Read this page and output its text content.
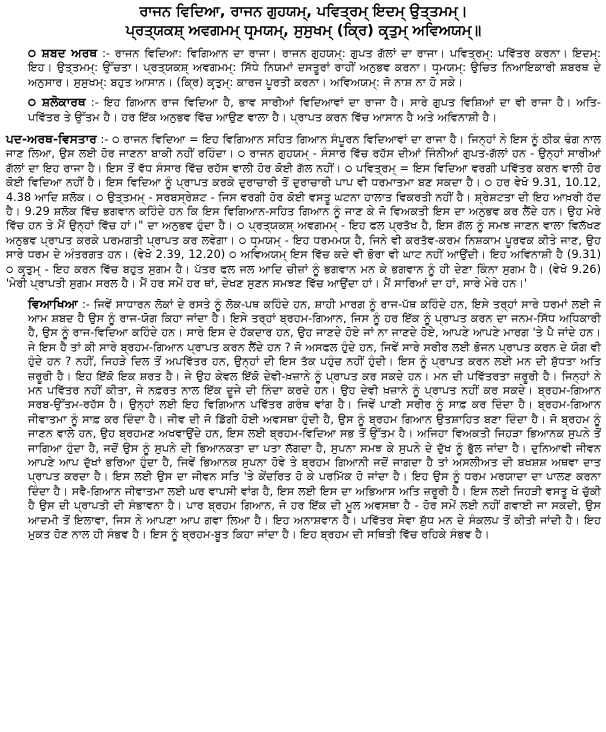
ਰਾਜਨ ਵਿਦਿਆ, ਰਾਜਨ ਗੁਹਯਮ੍, ਪਵਿਤ੍ਰਮ੍ ਇਦਮ੍ ਉਤ੍ਤਮਮ੍।

ਪ੍ਰਤ੍ਯਕਸ਼੍ ਅਵਗਮਮ੍ ਧਰ੍ਮਯਮ੍, ਸੁਸੁਖਮ੍ (ਕ੍ਰਿ) ਕਰ੍ਤੁਮ੍ ਅਵਿਅਯਮ੍॥

੦ ਸ਼ਬਦ ਅਰਥ :- ਰਾਜਨ ਵਿਦਿਆ: ਵਿਗਿਆਨ ਦਾ ਰਾਜਾ। ਰਾਜਨ ਗੁਹਯਮ੍: ਗੁਪਤ ਗੱਲਾਂ ਦਾ ਰਾਜਾ। ਪਵਿਤ੍ਰਮ੍: ਪਵਿੱਤਰ ਕਰਨਾ। ਇਦਮ੍: ਇਹ। ਉਤ੍ਤਮਮ੍: ਉੱਚਤਾ। ਪ੍ਰਤ੍ਯਕਸ਼੍ ਅਵਗਮਮ੍: ਸਿੱਧੇ ਨਿਯਮਾਂ ਦਸਤੂਰਾਂ ਰਾਹੀਂ ਅਨੁਭਵ ਕਰਨਾ। ਧਰ੍ਮਯਮ੍: ਉਚਿਤ ਨਿਆਇਕਾਰੀ ਸ਼ਬਰਥ ਦੇ ਅਨੁਸਾਰ। ਸੁਸੁਖਮ੍: ਬਹੁਤ ਆਸਾਨ। (ਕ੍ਰਿ) ਕਰ੍ਤੁਮ੍: ਕਾਰਜ ਪੂਰਤੀ ਕਰਨਾ। ਅਵਿਅਯਮ੍: ਜੋ ਨਾਸ਼ ਨਾ ਹੋ ਸਕੇ।

੦ ਸ਼ਲੋਕਾਰਥ :- ਇਹ ਗਿਆਨ ਰਾਜ ਵਿਦਿਆ ਹੈ, ਭਾਵ ਸਾਰੀਆਂ ਵਿਦਿਆਵਾਂ ਦਾ ਰਾਜਾ ਹੈ। ਸਾਰੇ ਗੁਪਤ ਵਿਸ਼ਿਆਂ ਦਾ ਵੀ ਰਾਜਾ ਹੈ। ਅਤਿ-ਪਵਿੱਤਰ ਤੇ ਉੱਤਮ ਹੈ। ਹਰ ਇੱਕ ਅਨੁਭਵ ਵਿੱਚ ਆਉਣ ਵਾਲਾ ਹੈ। ਪ੍ਰਾਪਤ ਕਰਨ ਵਿੱਚ ਆਸਾਨ ਹੈ ਅਤੇ ਅਵਿਨਾਸ਼ੀ ਹੈ।

ਪਦ-ਅਰਥ-ਵਿਸਤਾਰ :- ੦ ਰਾਜਨ ਵਿਦਿਆ = ਇਹ ਵਿਗਿਆਨ ਸਹਿਤ ਗਿਆਨ ਸੰਪੂਰਨ ਵਿਦਿਆਵਾਂ ਦਾ ਰਾਜਾ ਹੈ। ਜਿਨ੍ਹਾਂ ਨੇ ਇਸ ਨੂੰ ਠੀਕ ਢੰਗ ਨਾਲ ਜਾਣ ਲਿਆ, ਉਸ ਲਈ ਹੋਰ ਜਾਣਨਾ ਬਾਕੀ ਨਹੀਂ ਰਹਿੰਦਾ। ੦ ਰਾਜਨ ਗੁਹਯਮ੍ - ਸੰਸਾਰ ਵਿੱਚ ਰਹੱਸ ਦੀਆਂ ਜਿੰਨੀਆਂ ਗੁਪਤ-ਗੱਲਾਂ ਹਨ - ਉਨ੍ਹਾਂ ਸਾਰੀਆਂ ਗੱਲਾਂ ਦਾ ਇਹ ਰਾਜਾ ਹੈ। ਇਸ ਤੋਂ ਵੱਧ ਸੰਸਾਰ ਵਿੱਚ ਰਹੱਸ ਵਾਲੀ ਹੋਰ ਕੋਈ ਗੱਲ ਨਹੀਂ। ੦ ਪਵਿਤ੍ਰਮ੍ = ਇਸ ਵਿਦਿਆ ਵਰਗੀ ਪਵਿੱਤਰ ਕਰਨ ਵਾਲੀ ਹੋਰ ਕੋਈ ਵਿਦਿਆ ਨਹੀਂ ਹੈ। ਇਸ ਵਿਦਿਆ ਨੂੰ ਪ੍ਰਾਪਤ ਕਰਕੇ ਦੁਰਾਚਾਰੀ ਤੋਂ ਦੁਰਾਚਾਰੀ ਪਾਪ ਵੀ ਧਰਮਾਤਮਾ ਬਣ ਸਕਦਾ ਹੈ। ੦ ਹਰ ਵੇਖੋ 9.31, 10.12, 4.38 ਆਦਿ ਸ਼ਲੋਕ। ੦ ਉਤ੍ਤਮਮ੍ - ਸਰਬਸ੍ਰੇਸ਼ਟ - ਜਿਸ ਵਰਗੀ ਹੋਰ ਕੋਈ ਵਸਤੂ ਘਟਨਾ ਹਾਲਾਤ ਵਿਕਰਤੀ ਨਹੀਂ ਹੈ। ਸ਼੍ਰੇਸ਼ਟਤਾ ਦੀ ਇਹ ਆਖ਼ਰੀ ਹੱਦ ਹੈ। 9.29 ਸ਼ਲੋਕ ਵਿੱਚ ਭਗਵਾਨ ਕਹਿੰਦੇ ਹਨ ਕਿ ਇਸ ਵਿਗਿਆਨ-ਸਹਿਤ ਗਿਆਨ ਨੂੰ ਜਾਣ ਕੇ ਜੋ ਵਿਅਕਤੀ ਇਸ ਦਾ ਅਨੁਭਵ ਕਰ ਲੈਂਦੇ ਹਨ। ਉਹ ਮੇਰੇ ਵਿੱਚ ਹਨ ਤੇ ਮੈਂ ਉਨ੍ਹਾਂ ਵਿੱਚ ਹਾਂ।" ਦਾ ਅਨੁਭਵ ਹੁੰਦਾ ਹੈ। ੦ ਪ੍ਰਤ੍ਯਕਸ਼੍ ਅਵਗਮਮ੍ - ਇਹ ਫਲ ਪ੍ਰਤੱਖ ਹੈ, ਇਸ ਗੱਲ ਨੂੰ ਸਮਝ ਜਾਣਨ ਵਾਲਾ ਵਿਲੱਖਣ ਅਨੁਭਵ ਪ੍ਰਾਪਤ ਕਰਕੇ ਪਰਮਗਤੀ ਪ੍ਰਾਪਤ ਕਰ ਲਵੇਗਾ। ੦ ਧਰ੍ਮਯਮ੍ - ਇਹ ਧਰਮਮਯ ਹੈ, ਜਿਨੇ ਵੀ ਕਰਤੱਵ-ਕਰਮ ਨਿਸ਼ਕਾਮ ਪੂਰਵਕ ਕੀਤੇ ਜਾਣ, ਉਹ ਸਾਰੇ ਧਰਮ ਦੇ ਅੰਤਰਗਤ ਹਨ। (ਵੇਖੋ 2.39, 12.20) ੦ ਅਵਿਅਯਮ੍ ਇਸ ਵਿੱਚ ਕਦੇ ਵੀ ਭੋਰਾ ਵੀ ਘਾਟ ਨਹੀਂ ਆਉਂਦੀ। ਇਹ ਅਵਿਨਾਸ਼ੀ ਹੈ (9.31) ੦ ਕਰ੍ਤੁਮ੍ - ਇਹ ਕਰਨ ਵਿੱਚ ਬਹੁਤ ਸੁਗਮ ਹੈ। ਪੱਤਰ ਫਲ ਜਲ ਆਦਿ ਚੀਜ਼ਾਂ ਨੂੰ ਭਗਵਾਨ ਮਨ ਕੇ ਭਗਵਾਨ ਨੂੰ ਹੀ ਦੇਣਾ ਕਿੰਨਾ ਸੁਗਮ ਹੈ। (ਵੇਖੋ 9.26) 'ਮੇਰੀ ਪ੍ਰਾਪਤੀ ਸੁਗਮ ਸਰਲ ਹੈ। ਮੈਂ ਹਰ ਸਮੇਂ ਹਰ ਥਾਂ, ਦੇਖਣ ਸੁਣਨ ਸਮਝਣ ਵਿੱਚ ਆਉਂਦਾ ਹਾਂ। ਮੈਂ ਸਾਰਿਆਂ ਦਾ ਹਾਂ, ਸਾਰੇ ਮੇਰੇ ਹਨ।'

ਵਿਆਖਿਆ :- ਜਿਵੇਂ ਸਾਧਾਰਨ ਲੋਕਾਂ ਦੇ ਰਸਤੇ ਨੂੰ ਲੋਕ-ਪਥ ਕਹਿੰਦੇ ਹਨ, ਸ਼ਾਹੀ ਮਾਰਗ ਨੂੰ ਰਾਜ-ਪੱਥ ਕਹਿੰਦੇ ਹਨ, ਇਸੇ ਤਰ੍ਹਾਂ ਸਾਰੇ ਧਰਮਾਂ ਲਈ ਜੋ ਆਮ ਸ਼ਬਦ ਹੈ ਉਸ ਨੂੰ ਰਾਜ-ਯੋਗ ਕਿਹਾ ਜਾਂਦਾ ਹੈ। ਇਸੇ ਤਰ੍ਹਾਂ ਬ੍ਰਹਮ-ਗਿਆਨ, ਜਿਸ ਨੂੰ ਹਰ ਇੱਕ ਨੂੰ ਪ੍ਰਾਪਤ ਕਰਨ ਦਾ ਜਨਮ-ਸਿੱਧ ਅਧਿਕਾਰੀ ਹੈ, ਉਸ ਨੂੰ ਰਾਜ-ਵਿਦਿਆ ਕਹਿੰਦੇ ਹਨ। ਸਾਰੇ ਇਸ ਦੇ ਹੱਕਦਾਰ ਹਨ, ਉਹ ਜਾਣਦੇ ਹੋਏ ਜਾਂ ਨਾ ਜਾਣਦੇ ਹੋਏ, ਆਪਣੇ ਆਪਣੇ ਮਾਰਗ 'ਤੇ ਪੈ ਜਾਂਦੇ ਹਨ। ਜੇ ਇਸ ਹੈ ਤਾਂ ਕੀ ਸਾਰੇ ਬ੍ਰਹਮ-ਗਿਆਨ ਪ੍ਰਾਪਤ ਕਰਨ ਲੈਂਦੇ ਹਨ ? ਜੋ ਅਸਫਲ ਹੁੰਦੇ ਹਨ, ਜਿਵੇਂ ਸਾਰੇ ਸਰੀਰ ਲਈ ਭੋਜਨ ਪ੍ਰਾਪਤ ਕਰਨ ਦੇ ਯੋਗ ਵੀ ਹੁੰਦੇ ਹਨ ? ਨਹੀਂ, ਜਿਹੜੇ ਦਿਲ ਤੋਂ ਅਪਵਿੱਤਰ ਹਨ, ਉਨ੍ਹਾਂ ਦੀ ਇਸ ਤੱਕ ਪਹੁੰਚ ਨਹੀਂ ਹੁੰਦੀ। ਇਸ ਨੂੰ ਪ੍ਰਾਪਤ ਕਰਨ ਲਈ ਮਨ ਦੀ ਸ਼ੁੱਧਤਾ ਅਤਿ ਜ਼ਰੂਰੀ ਹੈ। ਇਹ ਇੱਕੋ ਇਕ ਸ਼ਰਤ ਹੈ। ਜੇ ਉਹ ਕੇਵਲ ਇੱਕੋ ਦੇਵੀ-ਖ਼ਜ਼ਾਨੇ ਨੂੰ ਪ੍ਰਾਪਤ ਕਰ ਸਕਦੇ ਹਨ। ਮਨ ਦੀ ਪਵਿੱਤਰਤਾ ਜ਼ਰੂਰੀ ਹੈ। ਜਿਨ੍ਹਾਂ ਨੇ ਮਨ ਪਵਿੱਤਰ ਨਹੀਂ ਕੀਤਾ, ਜੇ ਨਫ਼ਰਤ ਨਾਲ ਇੱਕ ਦੂਜੇ ਦੀ ਨਿੰਦਾ ਕਰਦੇ ਹਨ। ਉਹ ਦੇਵੀ ਖ਼ਜ਼ਾਨੇ ਨੂੰ ਪ੍ਰਾਪਤ ਨਹੀਂ ਕਰ ਸਕਦੇ। ਬ੍ਰਹਮ-ਗਿਆਨ ਸਰਬ-ਉੱਤਮ-ਰਹੱਸ ਹੈ। ਉਨ੍ਹਾਂ ਲਈ ਇਹ ਵਿਗਿਆਨ ਪਵਿੱਤਰ ਗਰੰਥ ਵਾਂਗ ਹੈ। ਜਿਵੇਂ ਪਾਣੀ ਸਰੀਰ ਨੂੰ ਸਾਫ਼ ਕਰ ਦਿੰਦਾ ਹੈ। ਬ੍ਰਹਮ-ਗਿਆਨ ਜੀਵਾਤਮਾ ਨੂੰ ਸਾਫ਼ ਕਰ ਦਿੰਦਾ ਹੈ। ਜੀਵ ਦੀ ਜੋ ਡਿੱਗੀ ਹੋਈ ਅਵਸਥਾ ਹੁੰਦੀ ਹੈ, ਉਸ ਨੂੰ ਬ੍ਰਹਮ ਗਿਆਨ ਉਤਸ਼ਾਹਿਤ ਬਣਾ ਦਿੰਦਾ ਹੈ। ਜੋ ਬ੍ਰਹਮ ਨੂੰ ਜਾਣਨ ਵਾਲੇ ਹਨ, ਉਹ ਬ੍ਰਹਮਣ ਅਖਵਾਉਂਦੇ ਹਨ, ਇਸ ਲਈ ਬ੍ਰਹਮ-ਵਿਦਿਆ ਸਭ ਤੋਂ ਉੱਤਮ ਹੈ। ਅਜਿਹਾ ਵਿਅਕਤੀ ਜਿਹੜਾ ਭਿਆਨਕ ਸੁਪਨੇ ਤੋਂ ਜਾਗਿਆ ਹੁੰਦਾ ਹੈ, ਜਦੋਂ ਉਸ ਨੂੰ ਸੁਪਨੇ ਦੀ ਭਿਆਨਕਤਾ ਦਾ ਪਤਾ ਲੱਗਦਾ ਹੈ, ਸੁਪਨਾ ਸਮਝ ਕੇ ਸੁਪਨੇ ਦੇ ਦੁੱਖ ਨੂੰ ਭੁੱਲ ਜਾਂਦਾ ਹੈ। ਦੁਨਿਆਵੀ ਜੀਵਨ ਆਪਣੇ ਆਪ ਦੁੱਖਾਂ ਭਰਿਆ ਹੁੰਦਾ ਹੈ, ਜਿਵੇਂ ਭਿਆਨਕ ਸੁਪਨਾ ਹੋਵੇ ਤੇ ਬ੍ਰਹਮ ਗਿਆਨੀ ਜਦੋਂ ਜਾਗਦਾ ਹੈ ਤਾਂ ਅਸਲੀਅਤ ਦੀ ਬਖਸ਼ਸ਼ ਅਥਵਾ ਦਾਤ ਪ੍ਰਾਪਤ ਕਰਦਾ ਹੈ। ਇਸ ਲਈ ਉਸ ਦਾ ਜੀਵਨ ਸਤਿ 'ਤੇ ਕੇਂਦਰਿਤ ਹੋ ਕੇ ਪਰਮਿੱਕ ਹੋ ਜਾਂਦਾ ਹੈ। ਇਹ ਉਸ ਨੂੰ ਧਰਮ ਮਰਯਾਦਾ ਦਾ ਪਾਲਣ ਕਰਨਾ ਦਿੰਦਾ ਹੈ। ਸਵੈ-ਗਿਆਨ ਜੀਵਾਤਮਾ ਲਈ ਘਰ ਵਾਪਸੀ ਵਾਂਗ ਹੈ, ਇਸ ਲਈ ਇਸ ਦਾ ਅਭਿਆਸ ਅਤਿ ਜ਼ਰੂਰੀ ਹੈ। ਇਸ ਲਈ ਜਿਹੜੀ ਵਸਤੂ ਖੋ ਚੁੱਕੀ ਹੈ ਉਸ ਦੀ ਪ੍ਰਾਪਤੀ ਦੀ ਸੰਭਾਵਨਾ ਹੈ। ਪਾਰ ਬ੍ਰਹਮ ਗਿਆਨ, ਜੋ ਹਰ ਇੱਕ ਦੀ ਮੂਲ ਅਵਸਥਾ ਹੈ - ਹੋਰ ਸਮੇਂ ਲਈ ਨਹੀਂ ਗਵਾਈ ਜਾ ਸਕਦੀ, ਉਸ ਆਦਮੀ ਤੋਂ ਇਲਾਵਾ, ਜਿਸ ਨੇ ਆਪਣਾ ਆਪ ਗਵਾ ਲਿਆ ਹੈ। ਇਹ ਅਨਾਸ਼ਵਾਨ ਹੈ। ਪਵਿੱਤਰ ਸੇਵਾ ਸ਼ੁੱਧ ਮਨ ਦੇ ਸੰਕਲਪ ਤੋਂ ਕੀਤੀ ਜਾਂਦੀ ਹੈ। ਇਹ ਮੁਕਤ ਹੋਣ ਨਾਲ ਹੀ ਸੰਭਵ ਹੈ। ਇਸ ਨੂੰ ਬ੍ਰਹਮ-ਬੂਤ ਕਿਹਾ ਜਾਂਦਾ ਹੈ। ਇਹ ਬ੍ਰਹਮ ਦੀ ਸਥਿਤੀ ਵਿੱਚ ਰਹਿਕੇ ਸੰਭਵ ਹੈ।
